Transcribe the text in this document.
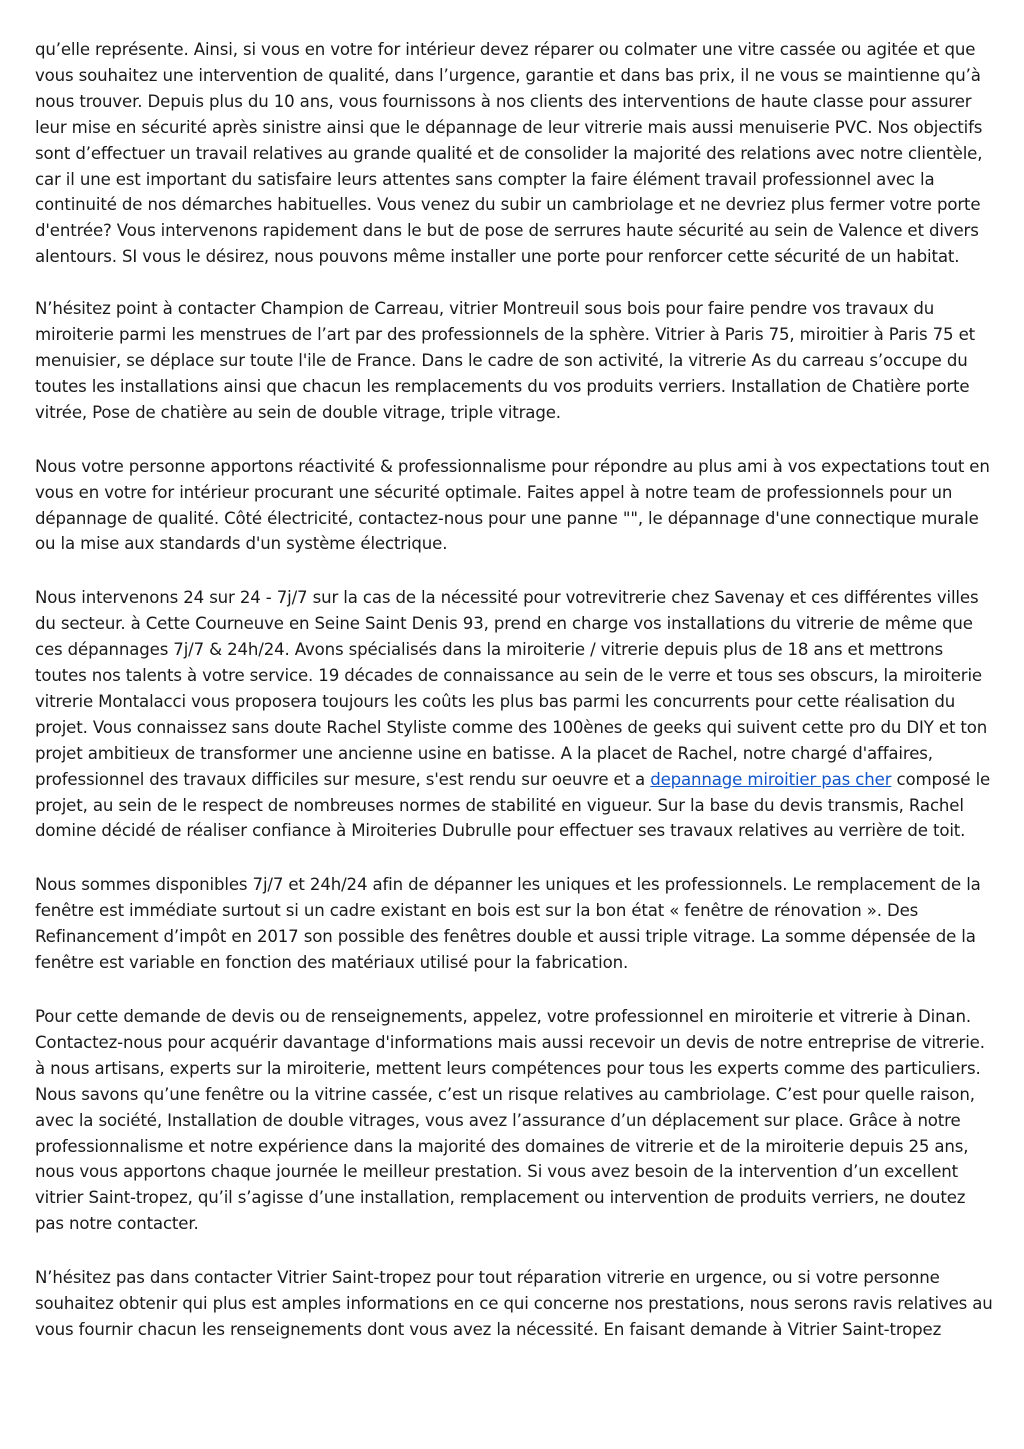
qu’elle représente. Ainsi, si vous en votre for intérieur devez réparer ou colmater une vitre cassée ou agitée et que vous souhaitez une intervention de qualité, dans l’urgence, garantie et dans bas prix, il ne vous se maintienne qu’à nous trouver. Depuis plus du 10 ans, vous fournissons à nos clients des interventions de haute classe pour assurer leur mise en sécurité après sinistre ainsi que le dépannage de leur vitrerie mais aussi menuiserie PVC. Nos objectifs sont d’effectuer un travail relatives au grande qualité et de consolider la majorité des relations avec notre clientèle, car il une est important du satisfaire leurs attentes sans compter la faire élément travail professionnel avec la continuité de nos démarches habituelles. Vous venez du subir un cambriolage et ne devriez plus fermer votre porte d'entrée? Vous intervenons rapidement dans le but de pose de serrures haute sécurité au sein de Valence et divers alentours. SI vous le désirez, nous pouvons même installer une porte pour renforcer cette sécurité de un habitat.

N’hésitez point à contacter Champion de Carreau, vitrier Montreuil sous bois pour faire pendre vos travaux du miroiterie parmi les menstrues de l’art par des professionnels de la sphère. Vitrier à Paris 75, miroitier à Paris 75 et menuisier, se déplace sur toute l'ile de France. Dans le cadre de son activité, la vitrerie As du carreau s’occupe du toutes les installations ainsi que chacun les remplacements du vos produits verriers. Installation de Chatière porte vitrée, Pose de chatière au sein de double vitrage, triple vitrage.

Nous votre personne apportons réactivité & professionnalisme pour répondre au plus ami à vos expectations tout en vous en votre for intérieur procurant une sécurité optimale. Faites appel à notre team de professionnels pour un dépannage de qualité. Côté électricité, contactez-nous pour une panne "", le dépannage d'une connectique murale ou la mise aux standards d'un système électrique.

Nous intervenons 24 sur 24 - 7j/7 sur la cas de la nécessité pour votrevitrerie chez Savenay et ces différentes villes du secteur. à Cette Courneuve en Seine Saint Denis 93, prend en charge vos installations du vitrerie de même que ces dépannages 7j/7 & 24h/24. Avons spécialisés dans la miroiterie / vitrerie depuis plus de 18 ans et mettrons toutes nos talents à votre service. 19 décades de connaissance au sein de le verre et tous ses obscurs, la miroiterie vitrerie Montalacci vous proposera toujours les coûts les plus bas parmi les concurrents pour cette réalisation du projet. Vous connaissez sans doute Rachel Styliste comme des 100ènes de geeks qui suivent cette pro du DIY et ton projet ambitieux de transformer une ancienne usine en batisse. A la placet de Rachel, notre chargé d'affaires, professionnel des travaux difficiles sur mesure, s'est rendu sur oeuvre et a depannage miroitier pas cher composé le projet, au sein de le respect de nombreuses normes de stabilité en vigueur. Sur la base du devis transmis, Rachel domine décidé de réaliser confiance à Miroiteries Dubrulle pour effectuer ses travaux relatives au verrière de toit.

Nous sommes disponibles 7j/7 et 24h/24 afin de dépanner les uniques et les professionnels. Le remplacement de la fenêtre est immédiate surtout si un cadre existant en bois est sur la bon état « fenêtre de rénovation ». Des Refinancement d’impôt en 2017 son possible des fenêtres double et aussi triple vitrage. La somme dépensée de la fenêtre est variable en fonction des matériaux utilisé pour la fabrication.

Pour cette demande de devis ou de renseignements, appelez, votre professionnel en miroiterie et vitrerie à Dinan. Contactez-nous pour acquérir davantage d'informations mais aussi recevoir un devis de notre entreprise de vitrerie. à nous artisans, experts sur la miroiterie, mettent leurs compétences pour tous les experts comme des particuliers. Nous savons qu’une fenêtre ou la vitrine cassée, c’est un risque relatives au cambriolage. C’est pour quelle raison, avec la société, Installation de double vitrages, vous avez l’assurance d’un déplacement sur place. Grâce à notre professionnalisme et notre expérience dans la majorité des domaines de vitrerie et de la miroiterie depuis 25 ans, nous vous apportons chaque journée le meilleur prestation. Si vous avez besoin de la intervention d’un excellent vitrier Saint-tropez, qu’il s’agisse d’une installation, remplacement ou intervention de produits verriers, ne doutez pas notre contacter.

N’hésitez pas dans contacter Vitrier Saint-tropez pour tout réparation vitrerie en urgence, ou si votre personne souhaitez obtenir qui plus est amples informations en ce qui concerne nos prestations, nous serons ravis relatives au vous fournir chacun les renseignements dont vous avez la nécessité. En faisant demande à Vitrier Saint-tropez
